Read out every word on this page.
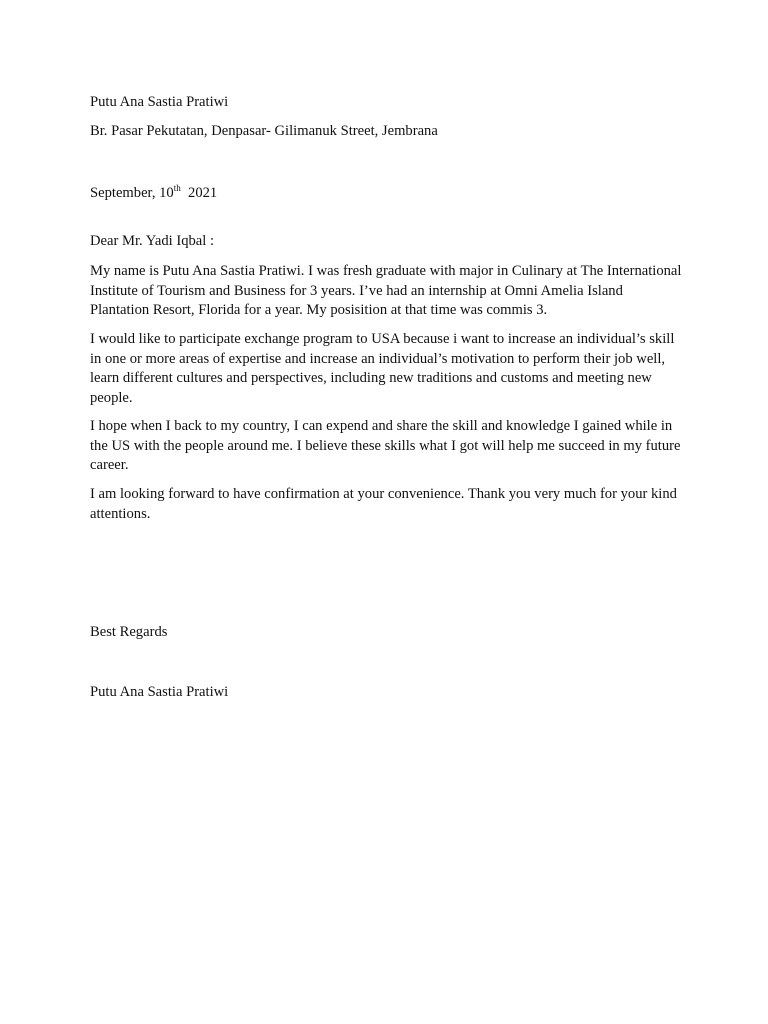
Putu Ana Sastia Pratiwi

Br. Pasar Pekutatan, Denpasar- Gilimanuk Street, Jembrana

September, 10th 2021

Dear Mr. Yadi Iqbal :

My name is Putu Ana Sastia Pratiwi. I was fresh graduate with major in Culinary at The International Institute of Tourism and Business for 3 years. I’ve had an internship at Omni Amelia Island Plantation Resort, Florida for a year. My posisition at that time was commis 3.

I would like to participate exchange program to USA because i want to increase an individual’s skill in one or more areas of expertise and increase an individual’s motivation to perform their job well, learn different cultures and perspectives, including new traditions and customs and meeting new people.

I hope when I back to my country, I can expend and share the skill and knowledge I gained while in the US with the people around me. I believe these skills what I got will help me succeed in my future career.

I am looking forward to have confirmation at your convenience. Thank you very much for your kind attentions.

Best Regards

Putu Ana Sastia Pratiwi
